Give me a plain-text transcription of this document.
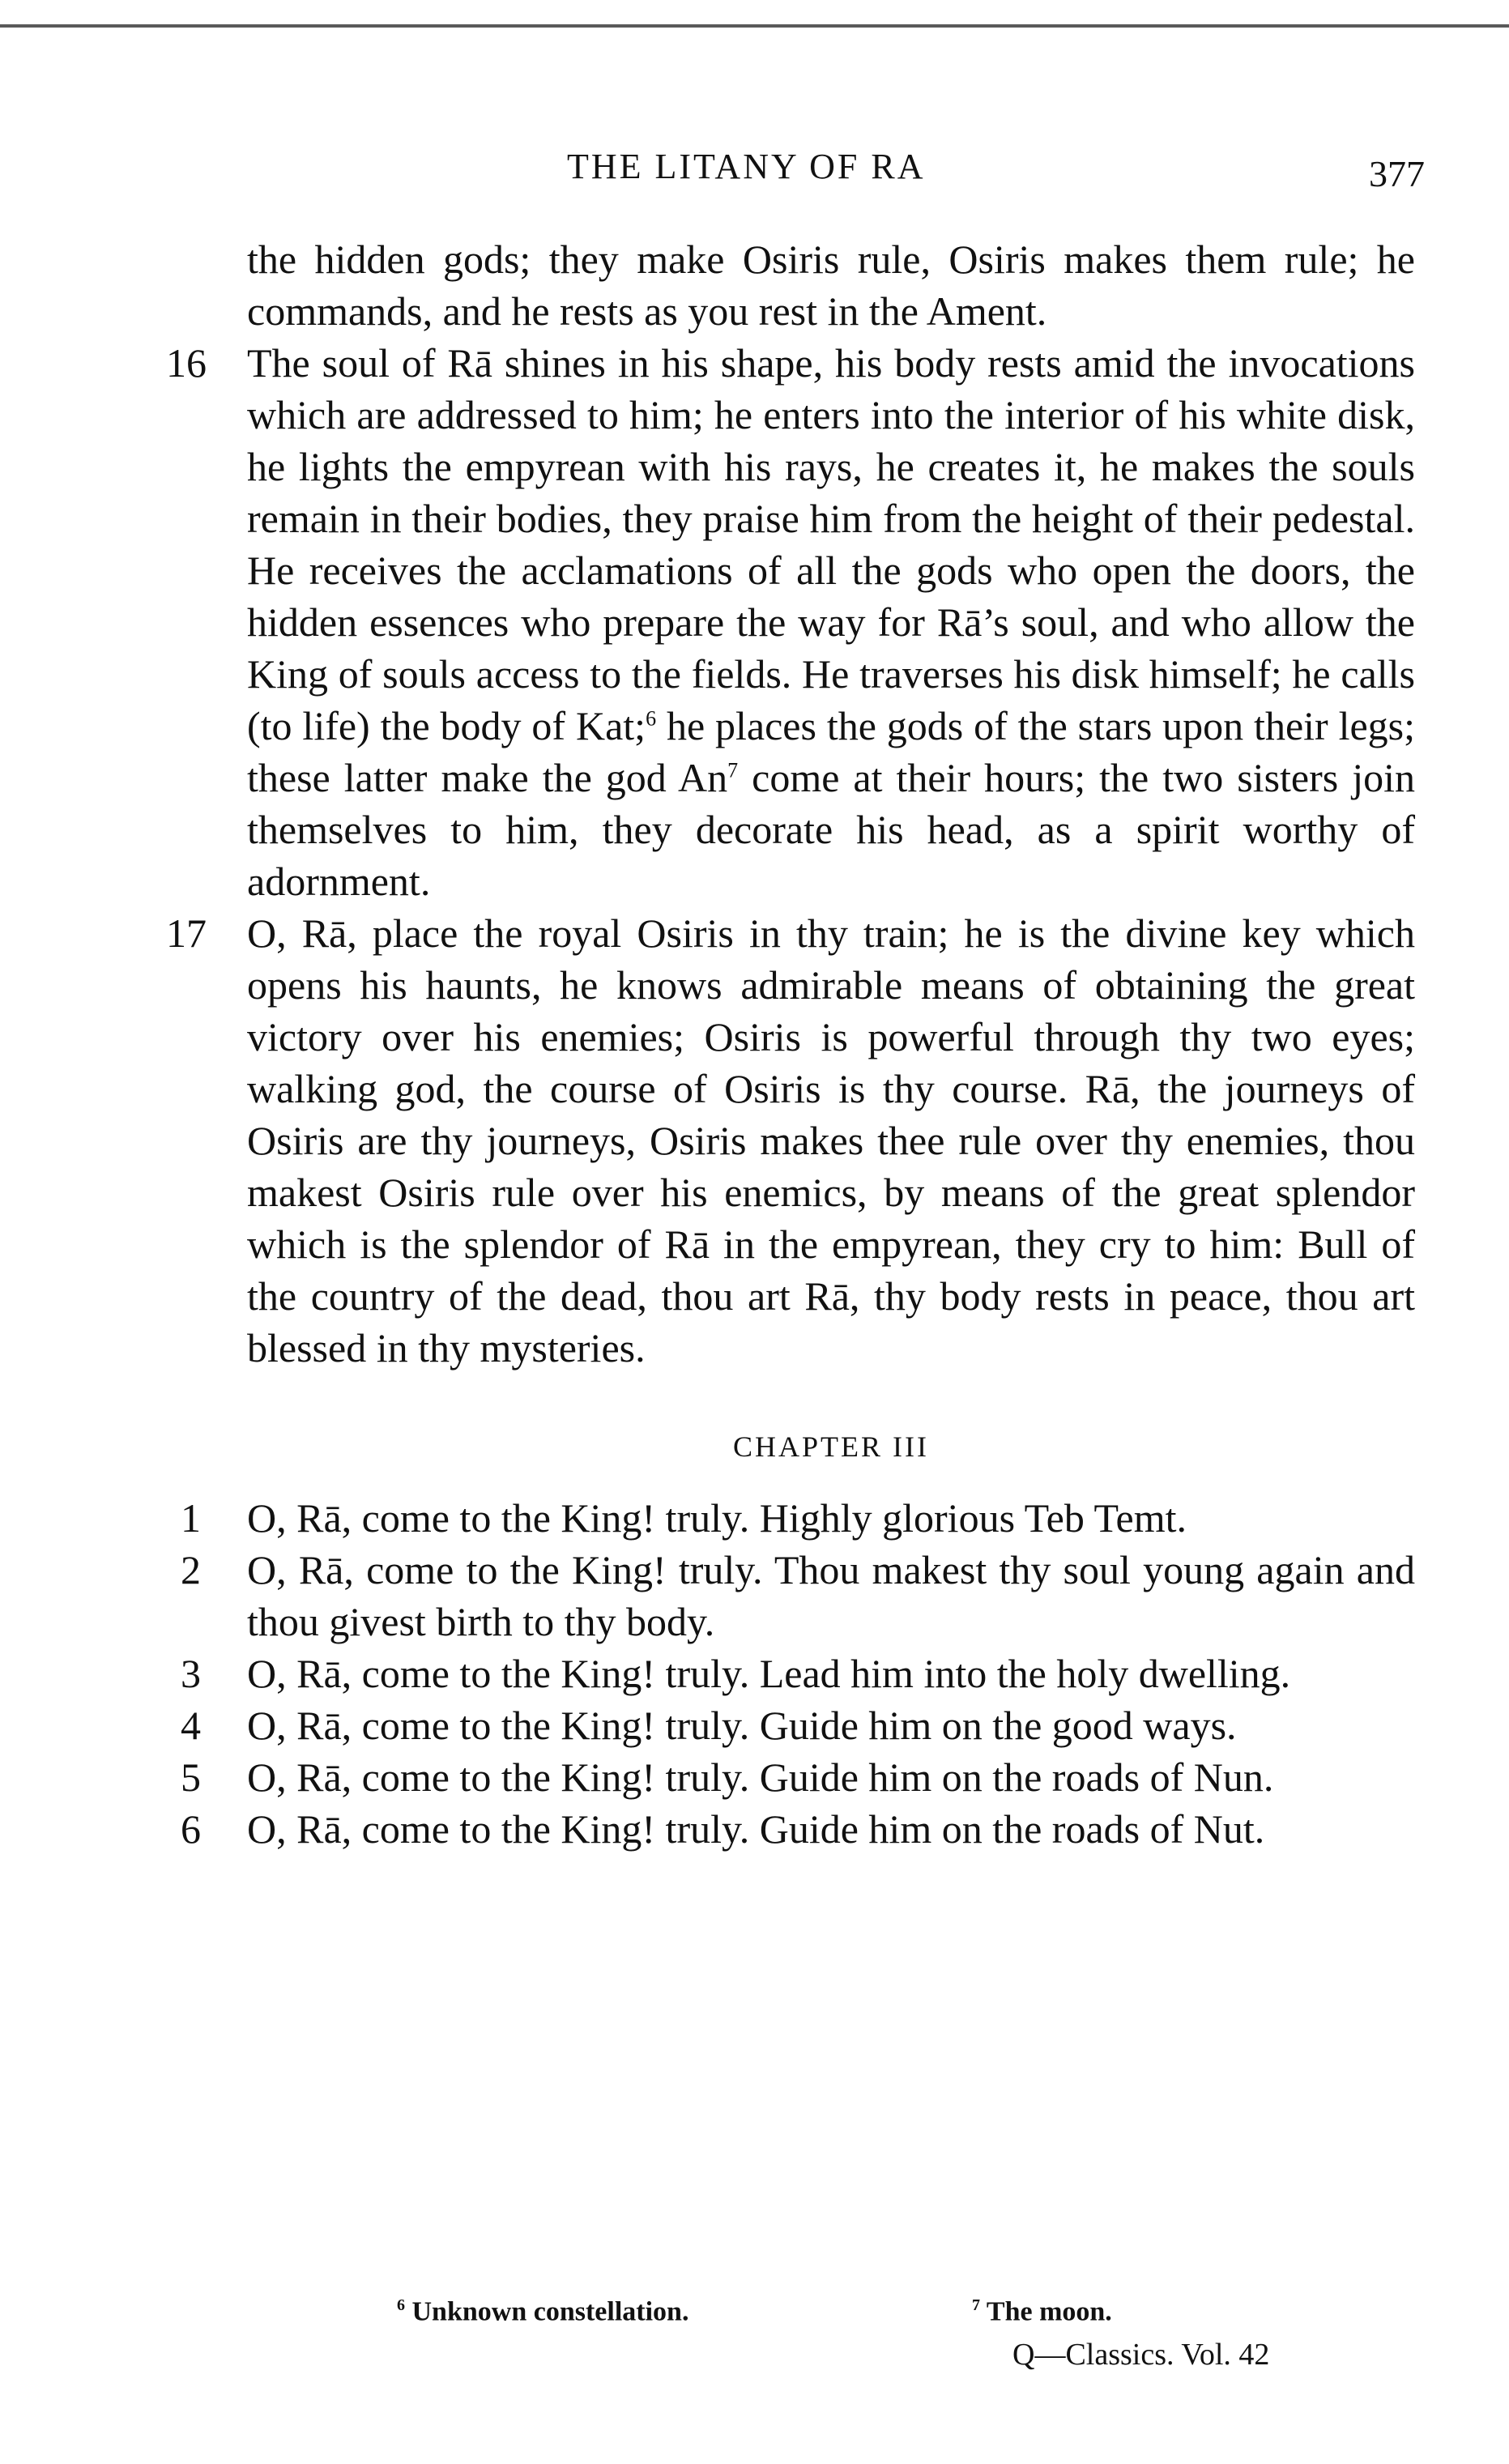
THE LITANY OF RA	377

the hidden gods; they make Osiris rule, Osiris makes them rule; he commands, and he rests as you rest in the Ament.

16	The soul of Rā shines in his shape, his body rests amid the invocations which are addressed to him; he enters into the interior of his white disk, he lights the empyrean with his rays, he creates it, he makes the souls remain in their bodies, they praise him from the height of their pedestal. He receives the acclamations of all the gods who open the doors, the hidden essences who prepare the way for Rā’s soul, and who allow the King of souls access to the fields. He traverses his disk himself; he calls (to life) the body of Kat;$^6$ he places the gods of the stars upon their legs; these latter make the god An$^7$ come at their hours; the two sisters join themselves to him, they decorate his head, as a spirit worthy of adornment.

17	O, Rā, place the royal Osiris in thy train; he is the divine key which opens his haunts, he knows admirable means of obtaining the great victory over his enemies; Osiris is powerful through thy two eyes; walking god, the course of Osiris is thy course. Rā, the journeys of Osiris are thy journeys, Osiris makes thee rule over thy enemies, thou makest Osiris rule over his enemics, by means of the great splendor which is the splendor of Rā in the empyrean, they cry to him: Bull of the country of the dead, thou art Rā, thy body rests in peace, thou art blessed in thy mysteries.

CHAPTER III

1	O, Rā, come to the King! truly. Highly glorious Teb Temt.

2	O, Rā, come to the King! truly. Thou makest thy soul young again and thou givest birth to thy body.

3	O, Rā, come to the King! truly. Lead him into the holy dwelling.

4	O, Rā, come to the King! truly. Guide him on the good ways.

5	O, Rā, come to the King! truly. Guide him on the roads of Nun.

6	O, Rā, come to the King! truly. Guide him on the roads of Nut.

$^6$ Unknown constellation.	$^7$ The moon.
Q—Classics. Vol. 42
